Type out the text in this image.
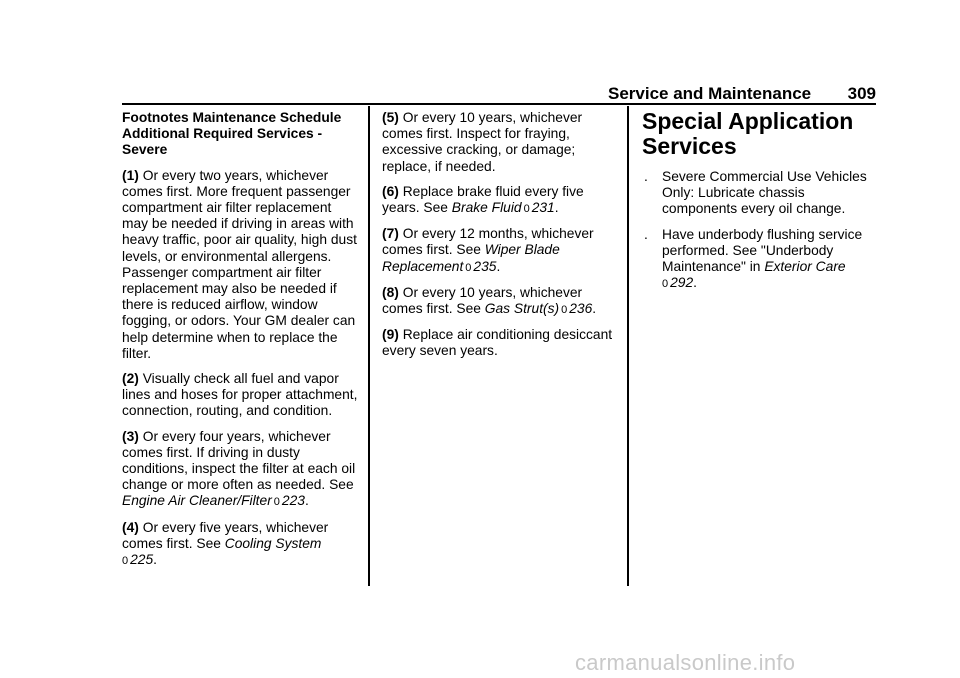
Service and Maintenance 309

Footnotes Maintenance Schedule Additional Required Services - Severe

(1) Or every two years, whichever comes first. More frequent passenger compartment air filter replacement may be needed if driving in areas with heavy traffic, poor air quality, high dust levels, or environmental allergens. Passenger compartment air filter replacement may also be needed if there is reduced airflow, window fogging, or odors. Your GM dealer can help determine when to replace the filter.

(2) Visually check all fuel and vapor lines and hoses for proper attachment, connection, routing, and condition.

(3) Or every four years, whichever comes first. If driving in dusty conditions, inspect the filter at each oil change or more often as needed. See Engine Air Cleaner/Filter 0 223.

(4) Or every five years, whichever comes first. See Cooling System
0 225.

(5) Or every 10 years, whichever comes first. Inspect for fraying, excessive cracking, or damage; replace, if needed.

(6) Replace brake fluid every five years. See Brake Fluid 0 231.

(7) Or every 12 months, whichever comes first. See Wiper Blade Replacement 0 235.

(8) Or every 10 years, whichever comes first. See Gas Strut(s) 0 236.

(9) Replace air conditioning desiccant every seven years.

Special Application Services
. Severe Commercial Use Vehicles Only: Lubricate chassis components every oil change.
. Have underbody flushing service performed. See "Underbody Maintenance" in Exterior Care
0 292.
carmanualsonline.info
